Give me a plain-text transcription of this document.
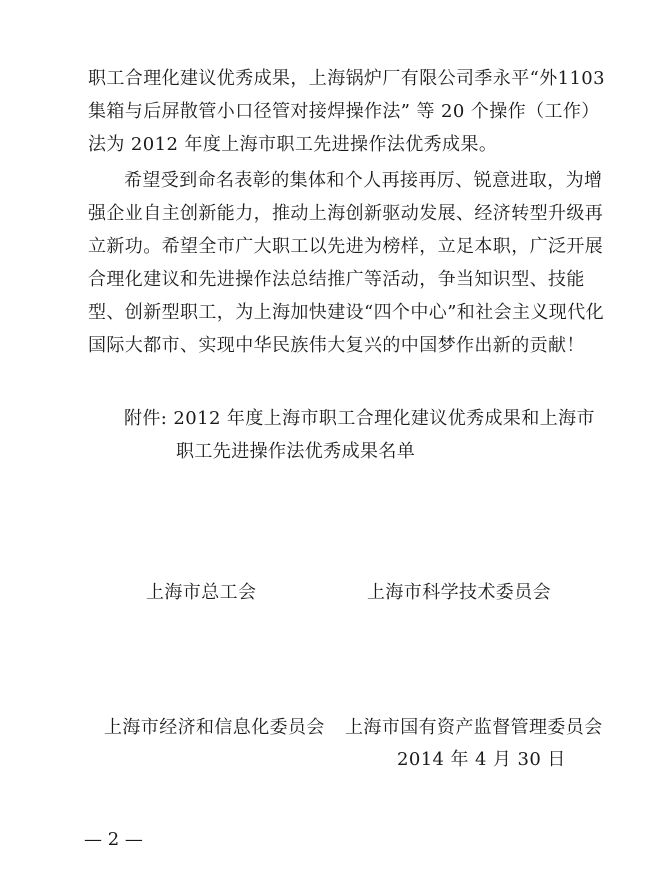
职工合理化建议优秀成果，上海锅炉厂有限公司季永平“外1103集箱与后屏散管小口径管对接焊操作法” 等 20 个操作（工作）法为 2012 年度上海市职工先进操作法优秀成果。

希望受到命名表彰的集体和个人再接再厉、锐意进取，为增强企业自主创新能力，推动上海创新驱动发展、经济转型升级再立新功。希望全市广大职工以先进为榜样，立足本职，广泛开展合理化建议和先进操作法总结推广等活动，争当知识型、技能型、创新型职工，为上海加快建设“四个中心”和社会主义现代化国际大都市、实现中华民族伟大复兴的中国梦作出新的贡献！

附件: 2012 年度上海市职工合理化建议优秀成果和上海市
职工先进操作法优秀成果名单
上海市总工会	上海市科学技术委员会
上海市经济和信息化委员会 上海市国有资产监督管理委员会
2014 年 4 月 30 日
— 2 —
